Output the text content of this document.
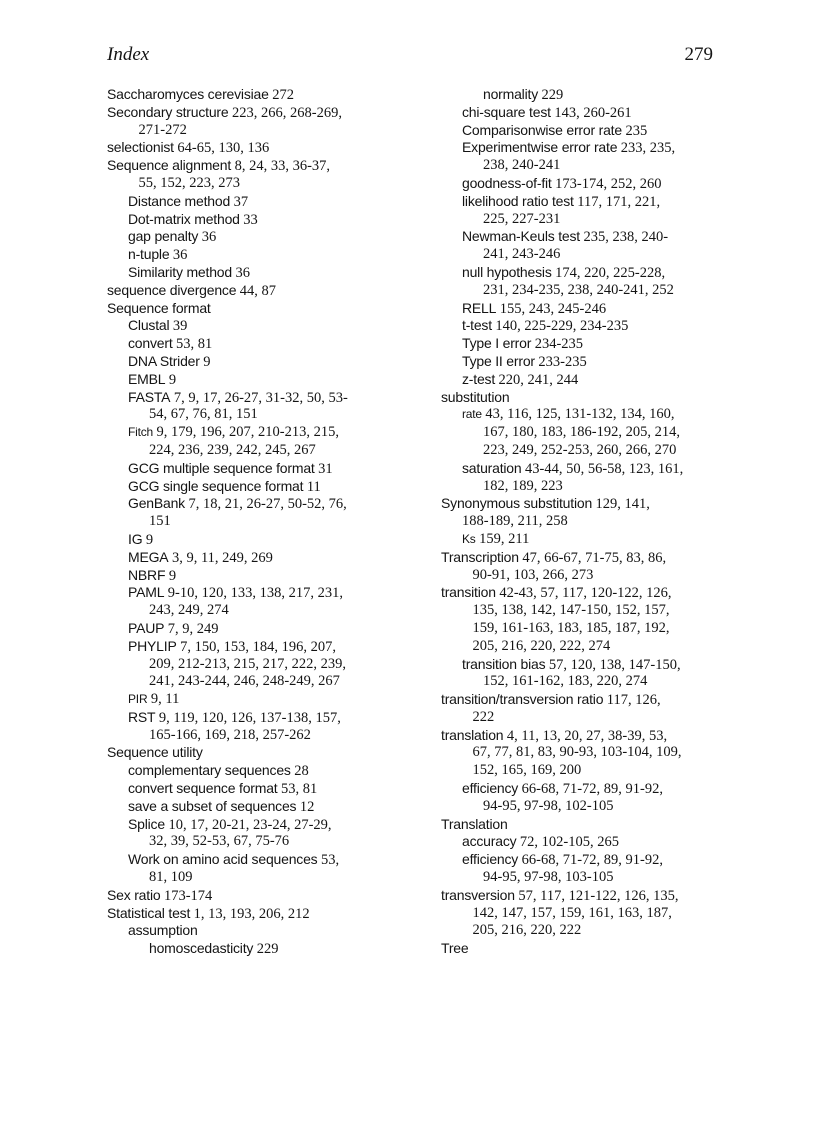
Index	279
Saccharomyces cerevisiae 272
Secondary structure 223, 266, 268-269,
271-272
selectionist 64-65, 130, 136
Sequence alignment 8, 24, 33, 36-37,
55, 152, 223, 273
Distance method 37
Dot-matrix method 33
gap penalty 36
n-tuple 36
Similarity method 36
sequence divergence 44, 87
Sequence format
Clustal 39
convert 53, 81
DNA Strider 9
EMBL 9
FASTA 7, 9, 17, 26-27, 31-32, 50, 53-
54, 67, 76, 81, 151
Fitch 9, 179, 196, 207, 210-213, 215,
224, 236, 239, 242, 245, 267
GCG multiple sequence format 31
GCG single sequence format 11
GenBank 7, 18, 21, 26-27, 50-52, 76,
151
IG 9
MEGA 3, 9, 11, 249, 269
NBRF 9
PAML 9-10, 120, 133, 138, 217, 231,
243, 249, 274
PAUP 7, 9, 249
PHYLIP 7, 150, 153, 184, 196, 207,
209, 212-213, 215, 217, 222, 239,
241, 243-244, 246, 248-249, 267
PIR 9, 11
RST 9, 119, 120, 126, 137-138, 157,
165-166, 169, 218, 257-262
Sequence utility
complementary sequences 28
convert sequence format 53, 81
save a subset of sequences 12
Splice 10, 17, 20-21, 23-24, 27-29,
32, 39, 52-53, 67, 75-76
Work on amino acid sequences 53,
81, 109
Sex ratio 173-174
Statistical test 1, 13, 193, 206, 212
assumption
homoscedasticity 229
normality 229
chi-square test 143, 260-261
Comparisonwise error rate 235
Experimentwise error rate 233, 235,
238, 240-241
goodness-of-fit 173-174, 252, 260
likelihood ratio test 117, 171, 221,
225, 227-231
Newman-Keuls test 235, 238, 240-
241, 243-246
null hypothesis 174, 220, 225-228,
231, 234-235, 238, 240-241, 252
RELL 155, 243, 245-246
t-test 140, 225-229, 234-235
Type I error 234-235
Type II error 233-235
z-test 220, 241, 244
substitution
rate 43, 116, 125, 131-132, 134, 160,
167, 180, 183, 186-192, 205, 214,
223, 249, 252-253, 260, 266, 270
saturation 43-44, 50, 56-58, 123, 161,
182, 189, 223
Synonymous substitution 129, 141,
188-189, 211, 258
Ks 159, 211
Transcription 47, 66-67, 71-75, 83, 86,
90-91, 103, 266, 273
transition 42-43, 57, 117, 120-122, 126,
135, 138, 142, 147-150, 152, 157,
159, 161-163, 183, 185, 187, 192,
205, 216, 220, 222, 274
transition bias 57, 120, 138, 147-150,
152, 161-162, 183, 220, 274
transition/transversion ratio 117, 126,
222
translation 4, 11, 13, 20, 27, 38-39, 53,
67, 77, 81, 83, 90-93, 103-104, 109,
152, 165, 169, 200
efficiency 66-68, 71-72, 89, 91-92,
94-95, 97-98, 102-105
Translation
accuracy 72, 102-105, 265
efficiency 66-68, 71-72, 89, 91-92,
94-95, 97-98, 103-105
transversion 57, 117, 121-122, 126, 135,
142, 147, 157, 159, 161, 163, 187,
205, 216, 220, 222
Tree
